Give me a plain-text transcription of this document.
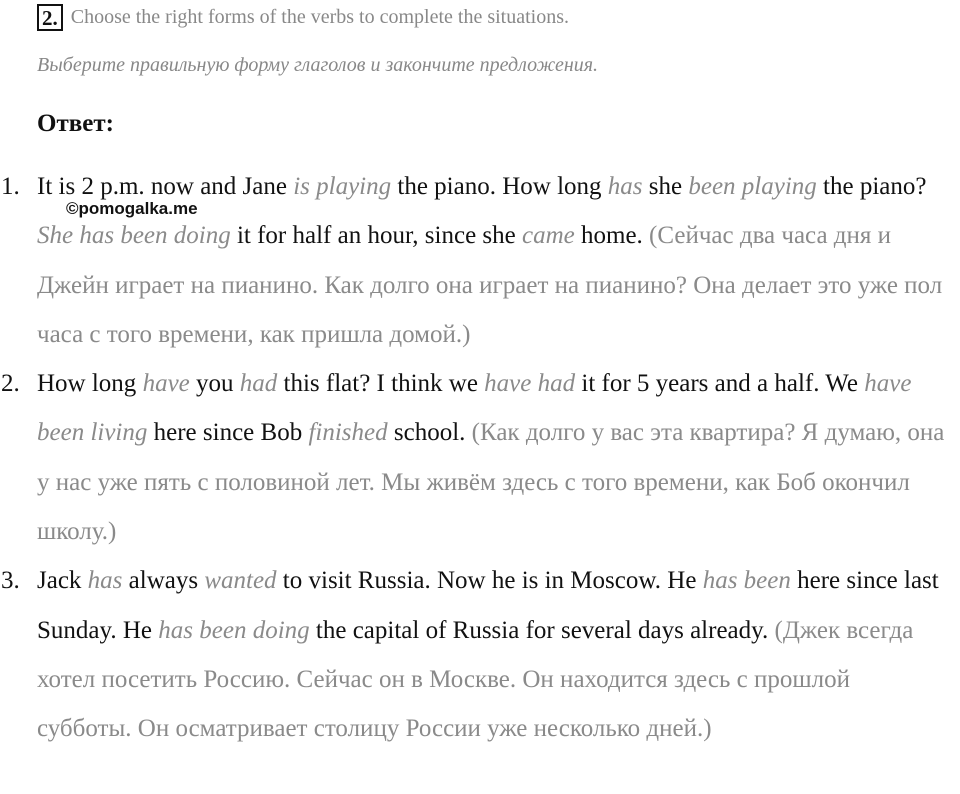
2. Choose the right forms of the verbs to complete the situations.
Выберите правильную форму глаголов и закончите предложения.
Ответ:
1. It is 2 p.m. now and Jane is playing the piano. How long has she been playing the piano? She has been doing it for half an hour, since she came home. (Сейчас два часа дня и Джейн играет на пианино. Как долго она играет на пианино? Она делает это уже пол часа с того времени, как пришла домой.)
2. How long have you had this flat? I think we have had it for 5 years and a half. We have been living here since Bob finished school. (Как долго у вас эта квартира? Я думаю, она у нас уже пять с половиной лет. Мы живём здесь с того времени, как Боб окончил школу.)
3. Jack has always wanted to visit Russia. Now he is in Moscow. He has been here since last Sunday. He has been doing the capital of Russia for several days already. (Джек всегда хотел посетить Россию. Сейчас он в Москве. Он находится здесь с прошлой субботы. Он осматривает столицу России уже несколько дней.)
©pomogalka.me
